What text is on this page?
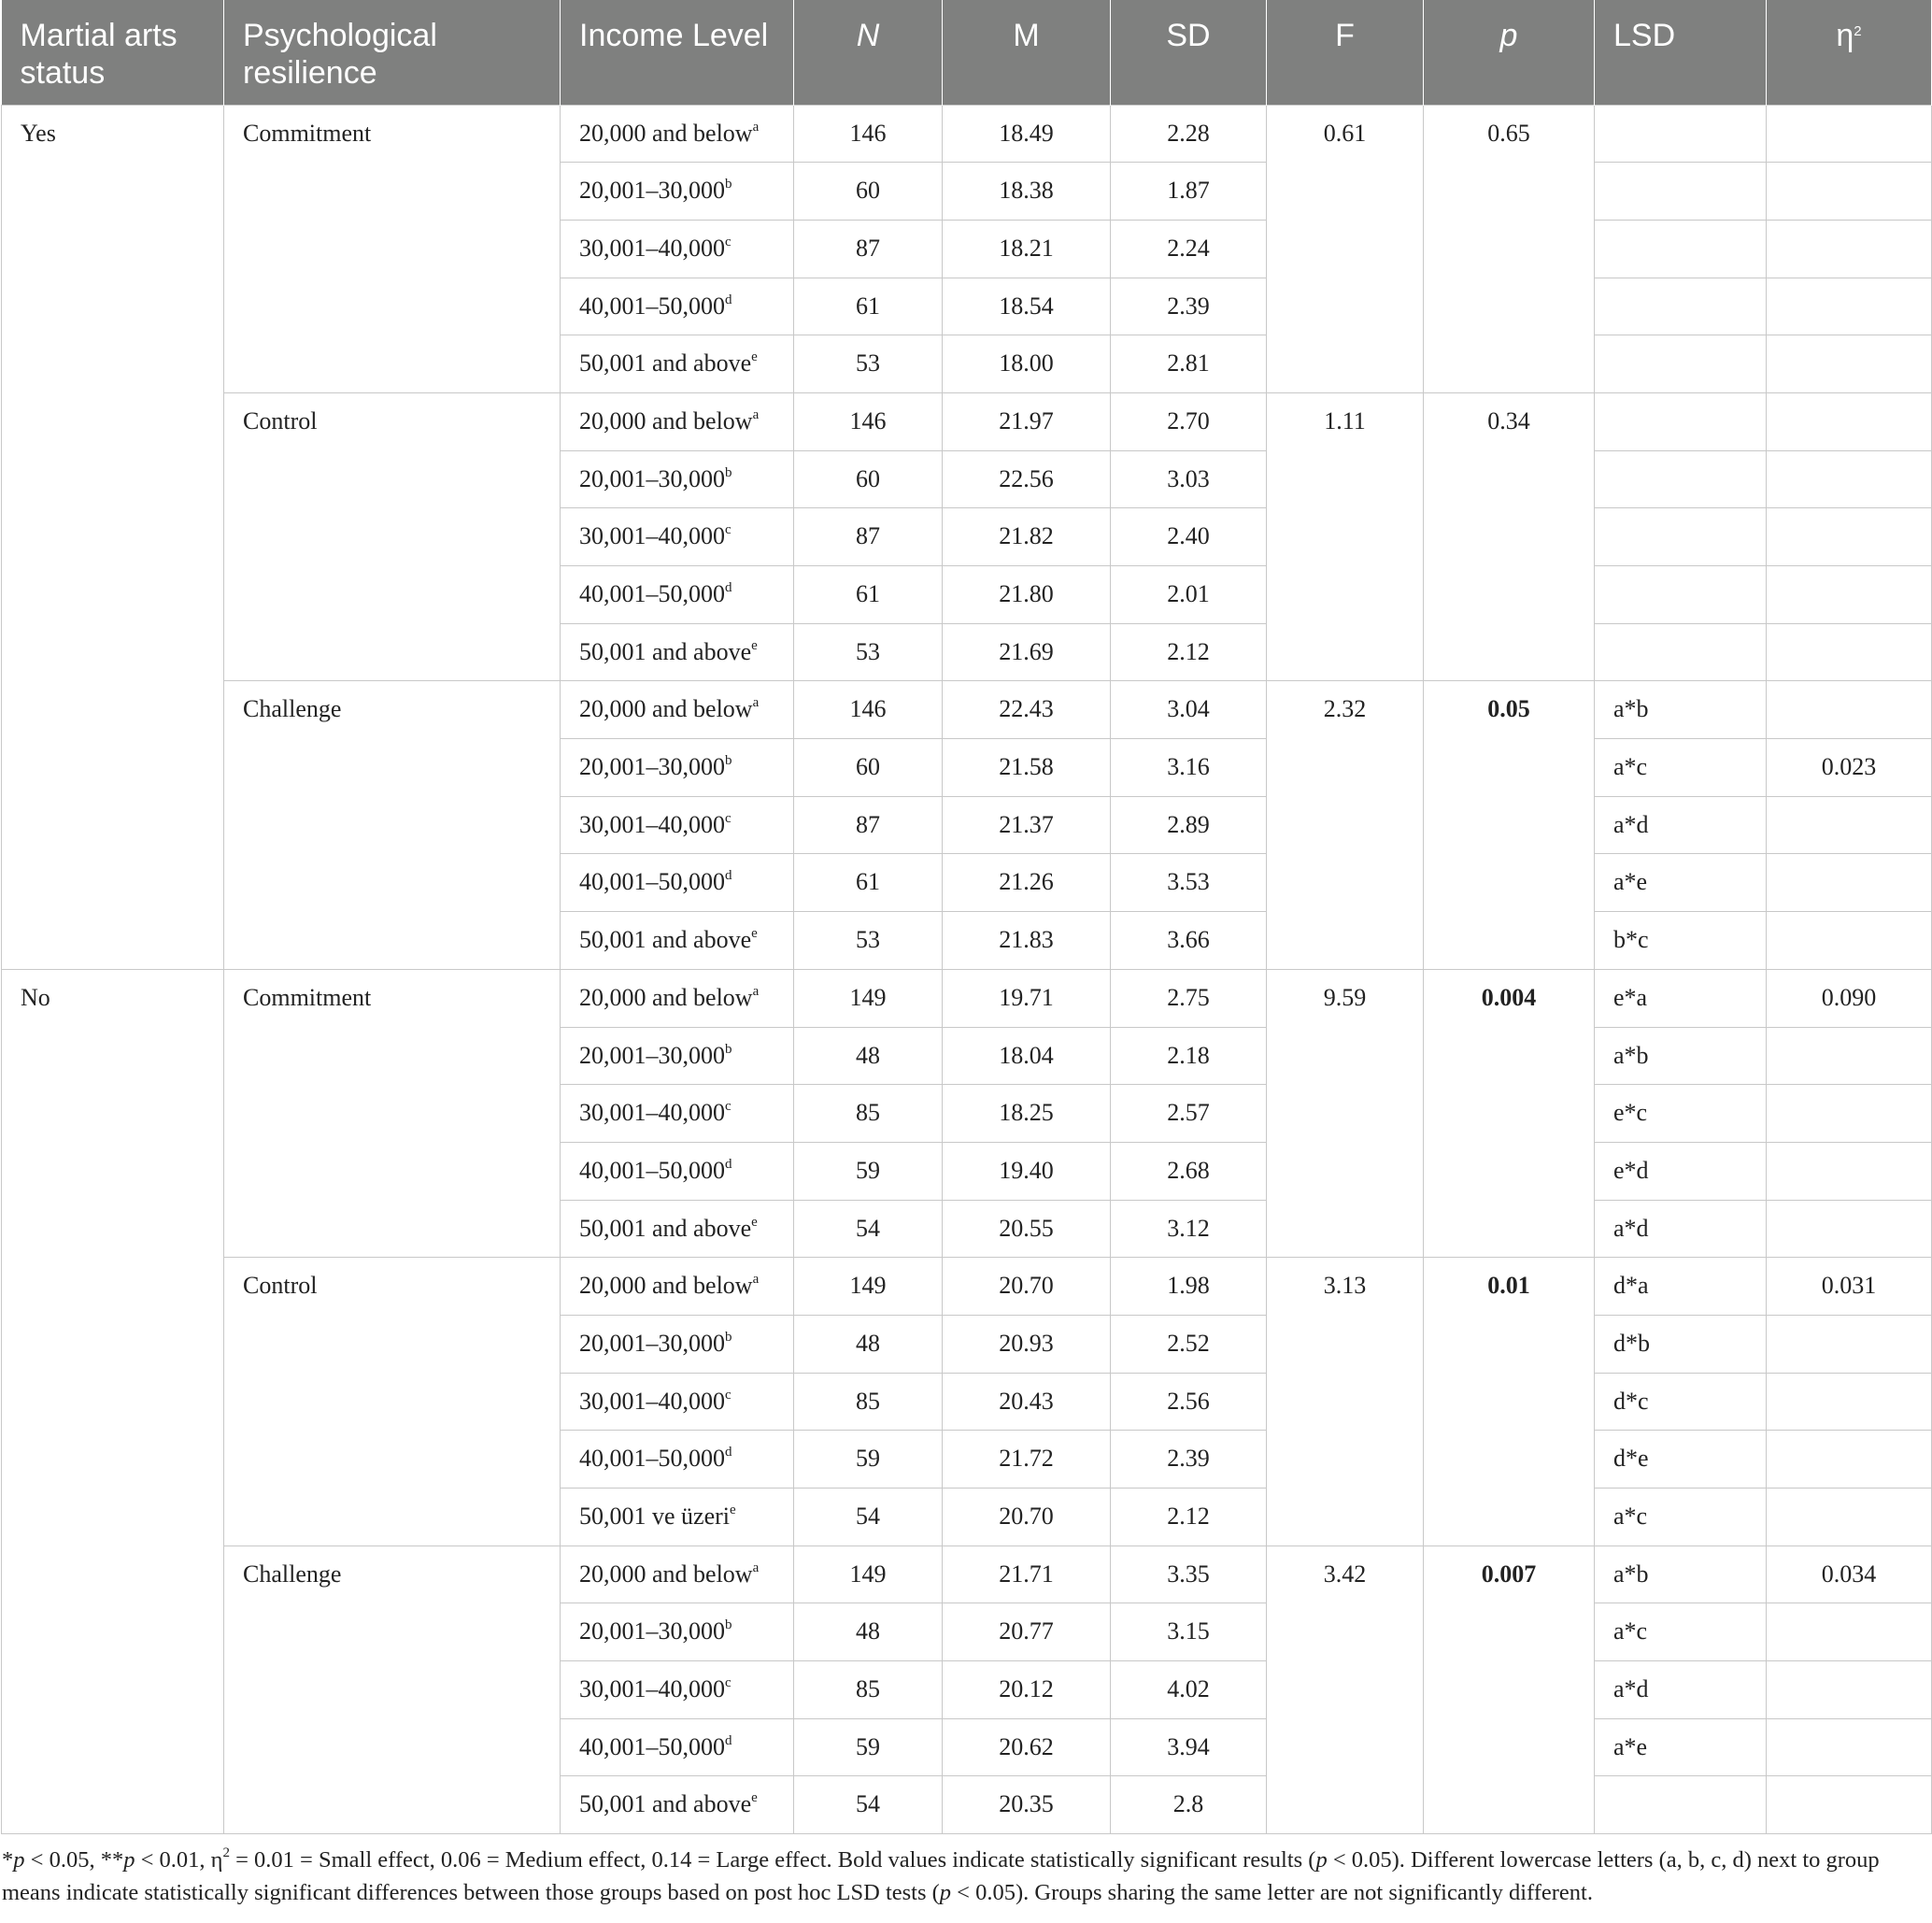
Martial arts status	Psychological resilience	Income Level	N	M	SD	F	p	LSD	$\eta^2$
Yes	Commitment	20,000 and below$^a$	146	18.49	2.28	0.61	0.65		
		20,001–30,000$^b$	60	18.38	1.87				
		30,001–40,000$^c$	87	18.21	2.24				
		40,001–50,000$^d$	61	18.54	2.39				
		50,001 and above$^e$	53	18.00	2.81				
	Control	20,000 and below$^a$	146	21.97	2.70	1.11	0.34		
		20,001–30,000$^b$	60	22.56	3.03				
		30,001–40,000$^c$	87	21.82	2.40				
		40,001–50,000$^d$	61	21.80	2.01				
		50,001 and above$^e$	53	21.69	2.12				
	Challenge	20,000 and below$^a$	146	22.43	3.04	2.32	0.05	a*b	
		20,001–30,000$^b$	60	21.58	3.16			a*c	0.023
		30,001–40,000$^c$	87	21.37	2.89			a*d	
		40,001–50,000$^d$	61	21.26	3.53			a*e	
		50,001 and above$^e$	53	21.83	3.66			b*c	
No	Commitment	20,000 and below$^a$	149	19.71	2.75	9.59	0.004	e*a	0.090
		20,001–30,000$^b$	48	18.04	2.18			a*b	
		30,001–40,000$^c$	85	18.25	2.57			e*c	
		40,001–50,000$^d$	59	19.40	2.68			e*d	
		50,001 and above$^e$	54	20.55	3.12			a*d	
	Control	20,000 and below$^a$	149	20.70	1.98	3.13	0.01	d*a	0.031
		20,001–30,000$^b$	48	20.93	2.52			d*b	
		30,001–40,000$^c$	85	20.43	2.56			d*c	
		40,001–50,000$^d$	59	21.72	2.39			d*e	
		50,001 ve üzeri$^e$	54	20.70	2.12			a*c	
	Challenge	20,000 and below$^a$	149	21.71	3.35	3.42	0.007	a*b	0.034
		20,001–30,000$^b$	48	20.77	3.15			a*c	
		30,001–40,000$^c$	85	20.12	4.02			a*d	
		40,001–50,000$^d$	59	20.62	3.94			a*e	
		50,001 and above$^e$	54	20.35	2.8				
*p < 0.05, **p < 0.01, $\eta^2 = 0.01$ = Small effect, 0.06 = Medium effect, 0.14 = Large effect. Bold values indicate statistically significant results (p < 0.05). Different lowercase letters (a, b, c, d) next to group means indicate statistically significant differences between those groups based on post hoc LSD tests (p < 0.05). Groups sharing the same letter are not significantly different.
